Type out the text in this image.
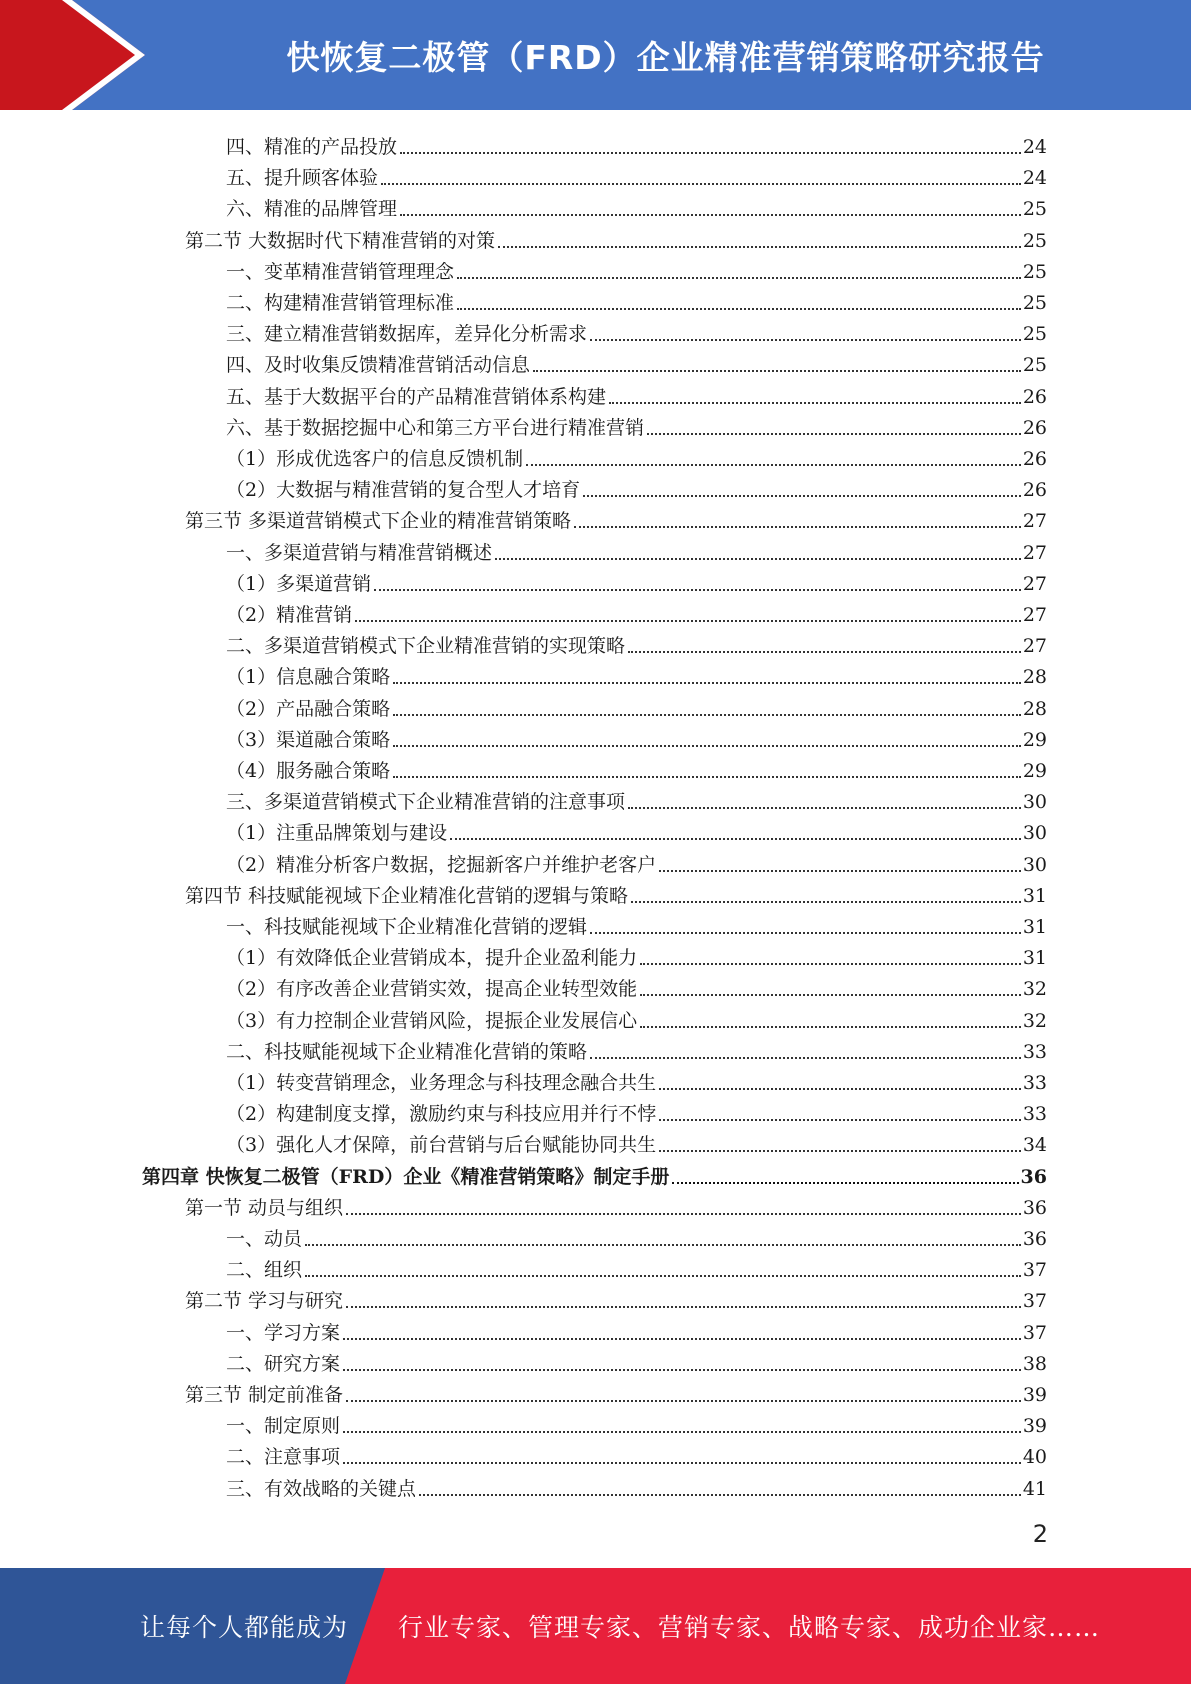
快恢复二极管（FRD）企业精准营销策略研究报告
四、精准的产品投放	24
五、提升顾客体验	24
六、精准的品牌管理	25
第二节 大数据时代下精准营销的对策	25
一、变革精准营销管理理念	25
二、构建精准营销管理标准	25
三、建立精准营销数据库，差异化分析需求	25
四、及时收集反馈精准营销活动信息	25
五、基于大数据平台的产品精准营销体系构建	26
六、基于数据挖掘中心和第三方平台进行精准营销	26
（1）形成优选客户的信息反馈机制	26
（2）大数据与精准营销的复合型人才培育	26
第三节 多渠道营销模式下企业的精准营销策略	27
一、多渠道营销与精准营销概述	27
（1）多渠道营销	27
（2）精准营销	27
二、多渠道营销模式下企业精准营销的实现策略	27
（1）信息融合策略	28
（2）产品融合策略	28
（3）渠道融合策略	29
（4）服务融合策略	29
三、多渠道营销模式下企业精准营销的注意事项	30
（1）注重品牌策划与建设	30
（2）精准分析客户数据，挖掘新客户并维护老客户	30
第四节 科技赋能视域下企业精准化营销的逻辑与策略	31
一、科技赋能视域下企业精准化营销的逻辑	31
（1）有效降低企业营销成本，提升企业盈利能力	31
（2）有序改善企业营销实效，提高企业转型效能	32
（3）有力控制企业营销风险，提振企业发展信心	32
二、科技赋能视域下企业精准化营销的策略	33
（1）转变营销理念，业务理念与科技理念融合共生	33
（2）构建制度支撑，激励约束与科技应用并行不悖	33
（3）强化人才保障，前台营销与后台赋能协同共生	34
第四章 快恢复二极管（FRD）企业《精准营销策略》制定手册	36
第一节 动员与组织	36
一、动员	36
二、组织	37
第二节 学习与研究	37
一、学习方案	37
二、研究方案	38
第三节 制定前准备	39
一、制定原则	39
二、注意事项	40
三、有效战略的关键点	41
2
让每个人都能成为 行业专家、管理专家、营销专家、战略专家、成功企业家……
